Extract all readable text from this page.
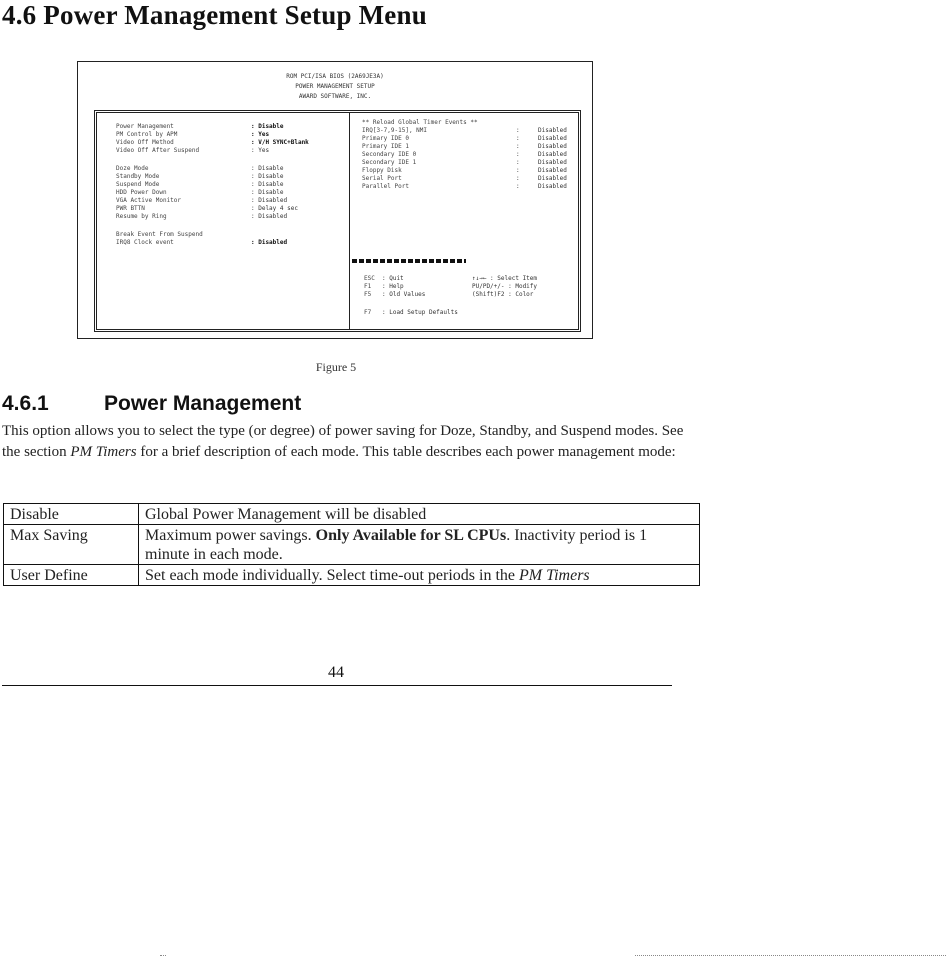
4.6 Power Management Setup Menu
ROM PCI/ISA BIOS (2A69JE3A)
POWER MANAGEMENT SETUP
AWARD SOFTWARE, INC.
Power Management	: Disable
PM Control by APM	: Yes
Video Off Method	: V/H SYNC+Blank
Video Off After Suspend	: Yes
Doze Mode	: Disable
Standby Mode	: Disable
Suspend Mode	: Disable
HDD Power Down	: Disable
VGA Active Monitor	: Disabled
PWR BTTN	: Delay 4 sec
Resume by Ring	: Disabled
Break Event From Suspend
IRQ8 Clock event	: Disabled
** Reload Global Timer Events **
IRQ[3-7,9-15], NMI	:	Disabled
Primary IDE 0	:	Disabled
Primary IDE 1	:	Disabled
Secondary IDE 0	:	Disabled
Secondary IDE 1	:	Disabled
Floppy Disk	:	Disabled
Serial Port	:	Disabled
Parallel Port	:	Disabled
ESC : Quit	↑↓→← : Select Item
F1 : Help	PU/PD/+/- : Modify
F5 : Old Values	(Shift)F2 : Color
F7 : Load Setup Defaults
Figure 5
4.6.1	Power Management

This option allows you to select the type (or degree) of power saving for Doze, Standby, and Suspend modes. See the section PM Timers for a brief description of each mode. This table describes each power management mode:

Disable	Global Power Management will be disabled
Max Saving	Maximum power savings. Only Available for SL CPUs. Inactivity period is 1 minute in each mode.
User Define	Set each mode individually. Select time-out periods in the PM Timers
44
